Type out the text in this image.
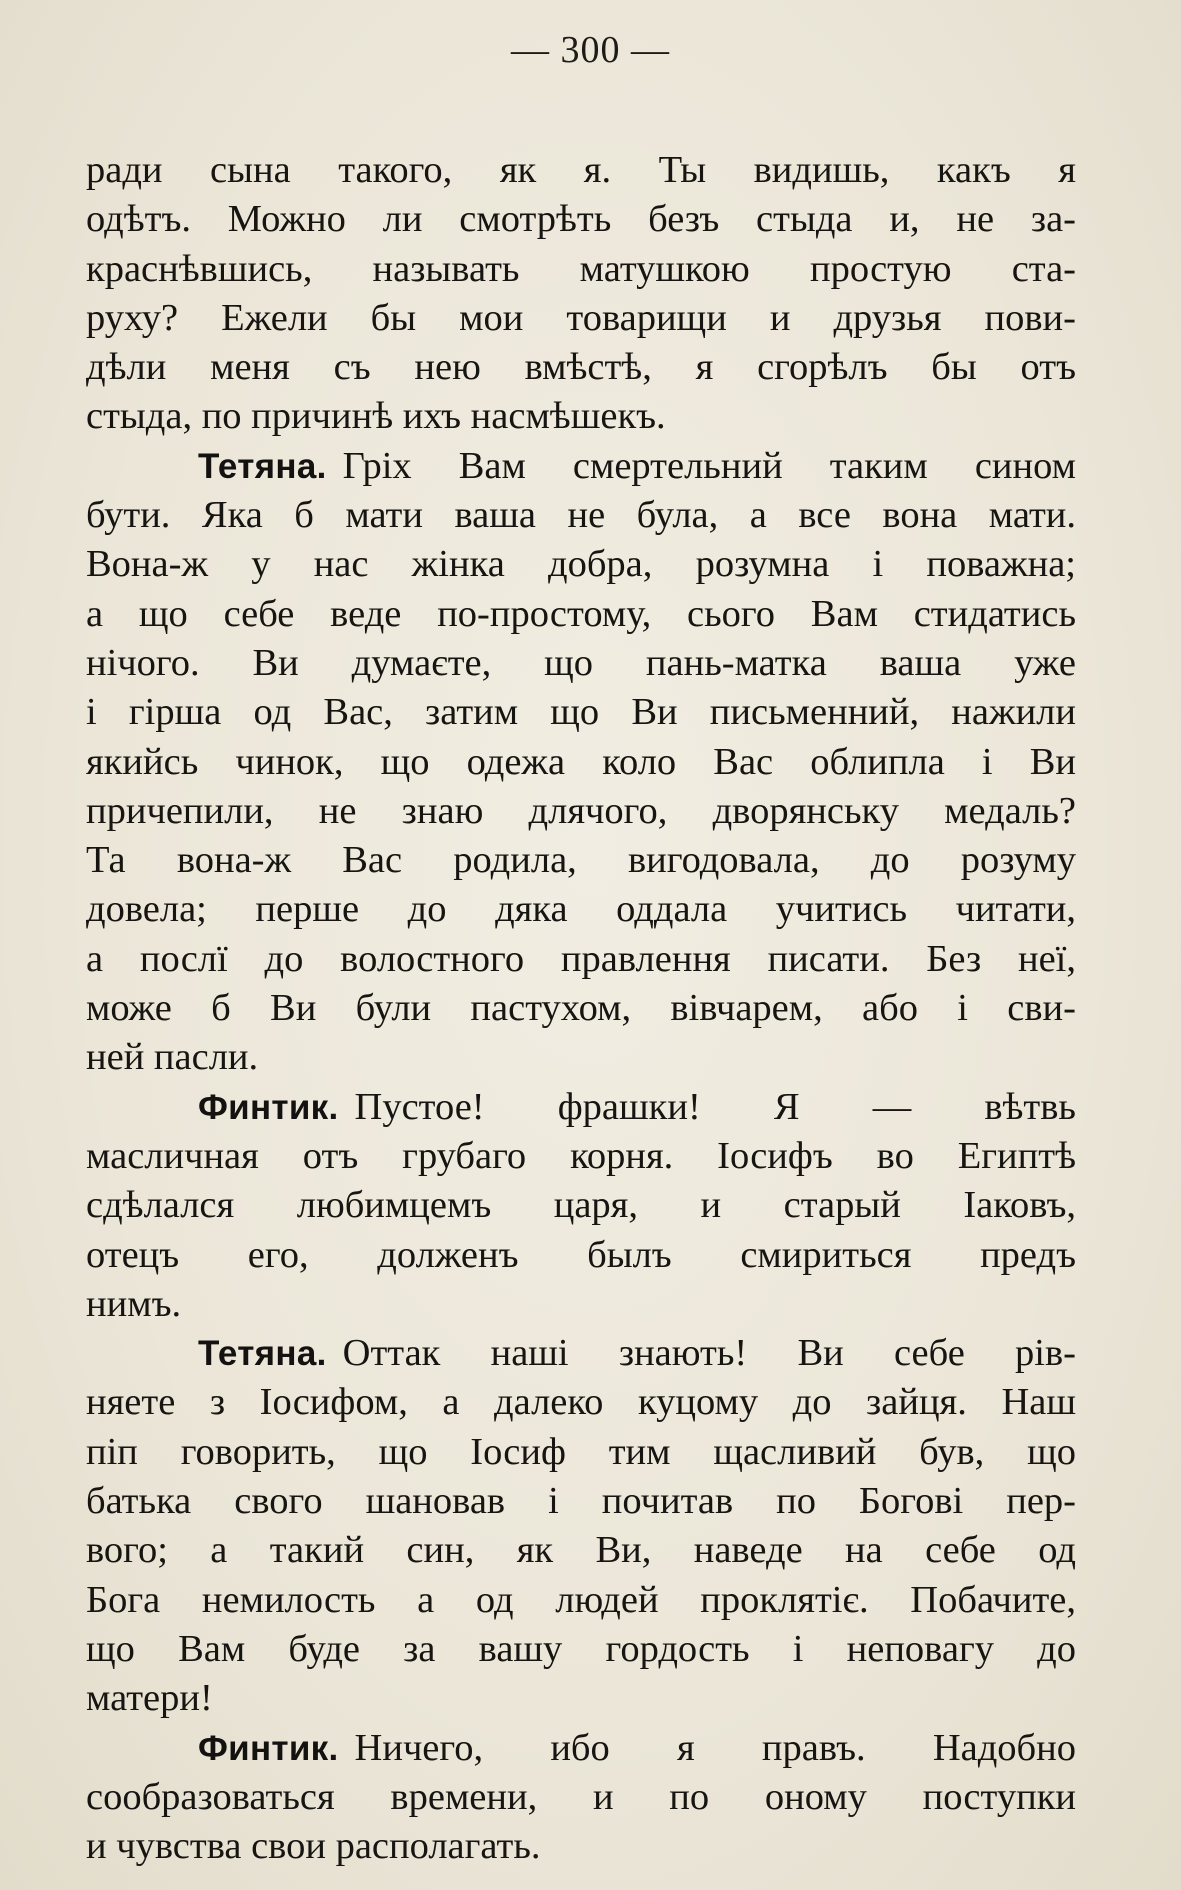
— 300 —
ради сына такого, як я. Ты видишь, какъ я
одѣтъ. Можно ли смотрѣть безъ стыда и, не за-
краснѣвшись, называть матушкою простую ста-
руху? Ежели бы мои товарищи и друзья пови-
дѣли меня съ нею вмѣстѣ, я сгорѣлъ бы отъ
стыда, по причинѣ ихъ насмѣшекъ.
Тетяна. Гріх Вам смертельний таким сином
бути. Яка б мати ваша не була, а все вона мати.
Вона-ж у нас жінка добра, розумна і поважна;
а що себе веде по-простому, сього Вам стидатись
нічого. Ви думаєте, що пань-матка ваша уже
і гірша од Вас, затим що Ви письменний, нажили
якийсь чинок, що одежа коло Вас облипла і Ви
причепили, не знаю длячого, дворянську медаль?
Та вона-ж Вас родила, вигодовала, до розуму
довела; перше до дяка оддала учитись читати,
а послї до волостного правлення писати. Без неї,
може б Ви були пастухом, вівчарем, або і сви-
ней пасли.
Финтик. Пустое! фрашки! Я — вѣтвь
масличная отъ грубаго корня. Іосифъ во Египтѣ
сдѣлался любимцемъ царя, и старый Іаковъ,
отецъ его, долженъ былъ смириться предъ
нимъ.
Тетяна. Оттак наші знають! Ви себе рів-
няете з Іосифом, а далеко куцому до зайця. Наш
піп говорить, що Іосиф тим щасливий був, що
батька свого шановав і почитав по Богові пер-
вого; а такий син, як Ви, наведе на себе од
Бога немилость а од людей проклятіє. Побачите,
що Вам буде за вашу гордость і неповагу до
матери!
Финтик. Ничего, ибо я правъ. Надобно
сообразоваться времени, и по оному поступки
и чувства свои располагать.
